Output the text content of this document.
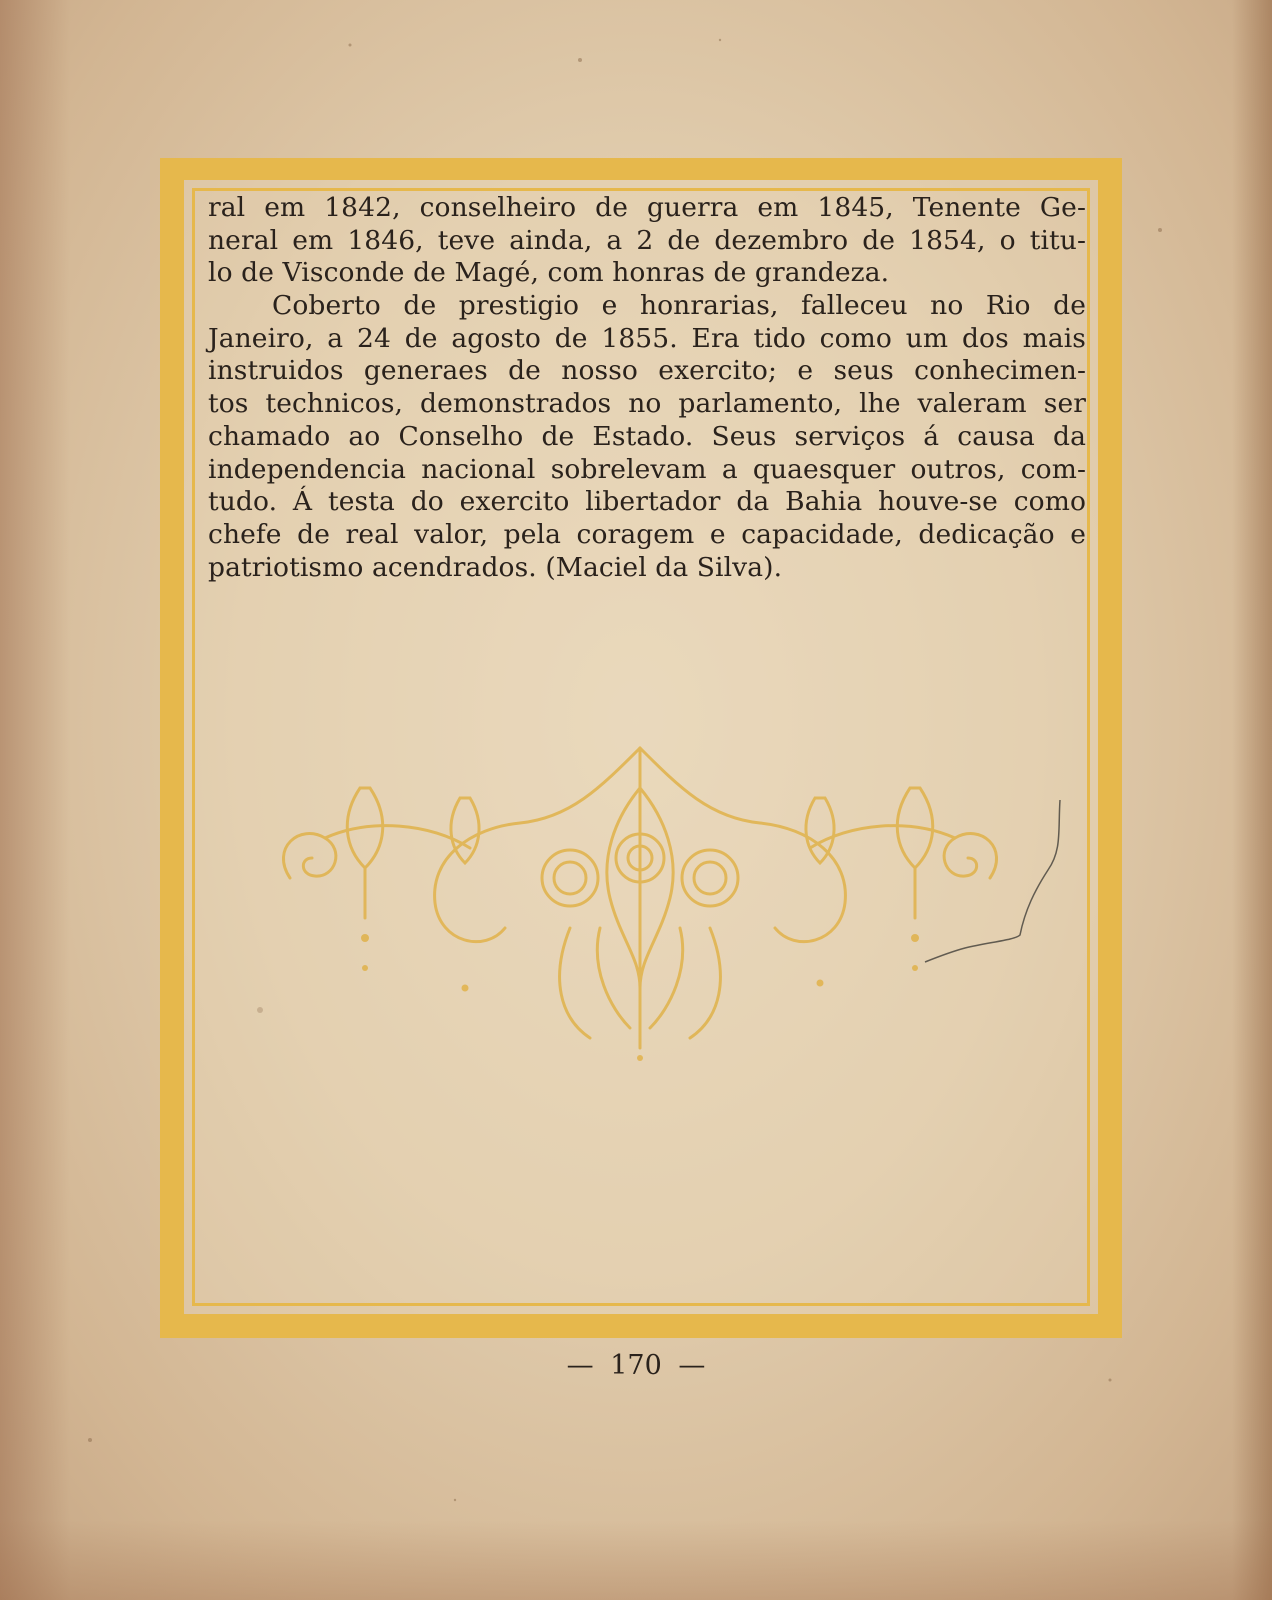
ral em 1842, conselheiro de guerra em 1845, Tenente Ge-
neral em 1846, teve ainda, a 2 de dezembro de 1854, o titu-
lo de Visconde de Magé, com honras de grandeza.
Coberto de prestigio e honrarias, falleceu no Rio de
Janeiro, a 24 de agosto de 1855. Era tido como um dos mais
instruidos generaes de nosso exercito; e seus conhecimen-
tos technicos, demonstrados no parlamento, lhe valeram ser
chamado ao Conselho de Estado. Seus serviços á causa da
independencia nacional sobrelevam a quaesquer outros, com-
tudo. Á testa do exercito libertador da Bahia houve-se como
chefe de real valor, pela coragem e capacidade, dedicação e
patriotismo acendrados. (Maciel da Silva).
— 170 —
